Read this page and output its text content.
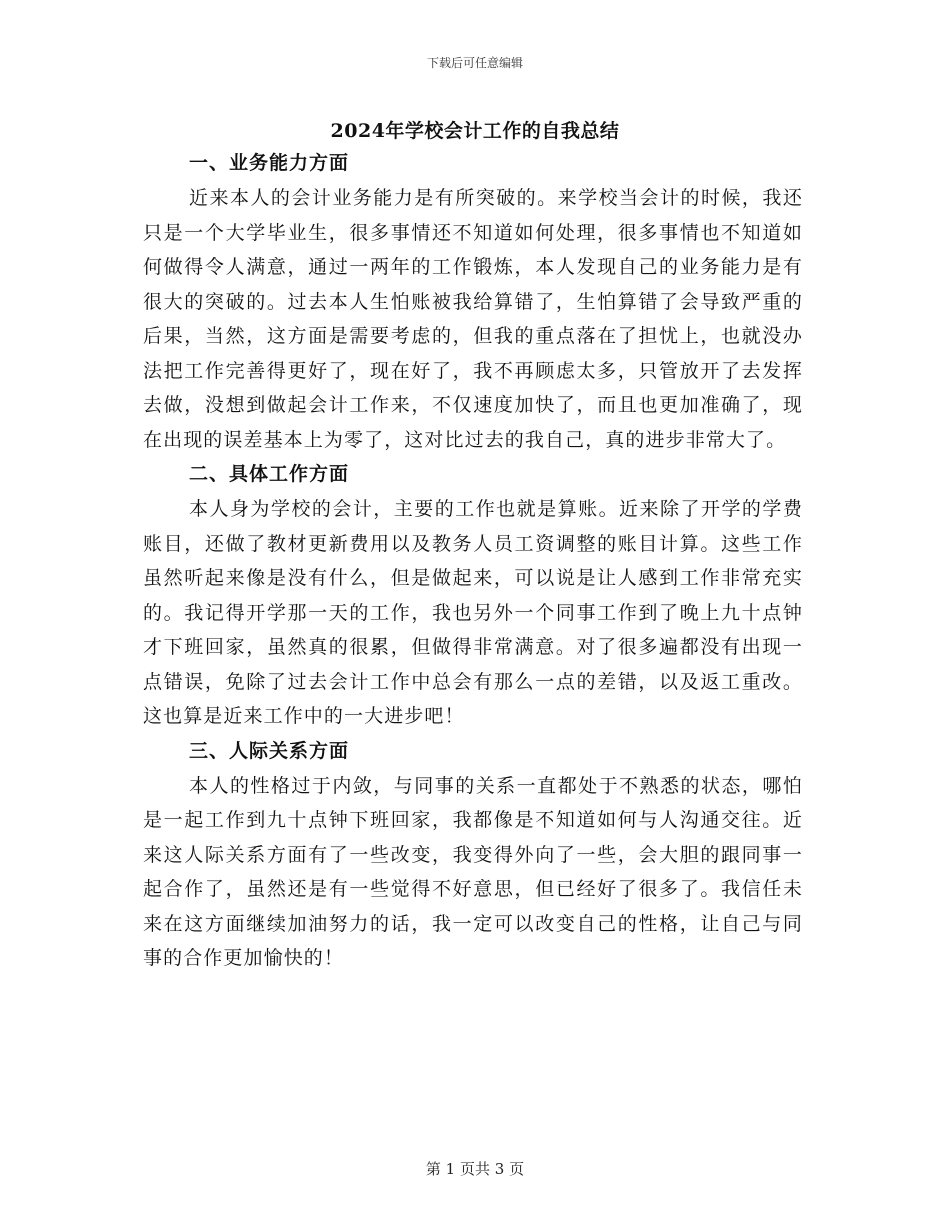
下载后可任意编辑
2024年学校会计工作的自我总结
一、业务能力方面

近来本人的会计业务能力是有所突破的。来学校当会计的时候，我还只是一个大学毕业生，很多事情还不知道如何处理，很多事情也不知道如何做得令人满意，通过一两年的工作锻炼，本人发现自己的业务能力是有很大的突破的。过去本人生怕账被我给算错了，生怕算错了会导致严重的后果，当然，这方面是需要考虑的，但我的重点落在了担忧上，也就没办法把工作完善得更好了，现在好了，我不再顾虑太多，只管放开了去发挥去做，没想到做起会计工作来，不仅速度加快了，而且也更加准确了，现在出现的误差基本上为零了，这对比过去的我自己，真的进步非常大了。

二、具体工作方面

本人身为学校的会计，主要的工作也就是算账。近来除了开学的学费账目，还做了教材更新费用以及教务人员工资调整的账目计算。这些工作虽然听起来像是没有什么，但是做起来，可以说是让人感到工作非常充实的。我记得开学那一天的工作，我也另外一个同事工作到了晚上九十点钟才下班回家，虽然真的很累，但做得非常满意。对了很多遍都没有出现一点错误，免除了过去会计工作中总会有那么一点的差错，以及返工重改。这也算是近来工作中的一大进步吧！

三、人际关系方面

本人的性格过于内敛，与同事的关系一直都处于不熟悉的状态，哪怕是一起工作到九十点钟下班回家，我都像是不知道如何与人沟通交往。近来这人际关系方面有了一些改变，我变得外向了一些，会大胆的跟同事一起合作了，虽然还是有一些觉得不好意思，但已经好了很多了。我信任未来在这方面继续加油努力的话，我一定可以改变自己的性格，让自己与同事的合作更加愉快的！

第 1 页共 3 页
